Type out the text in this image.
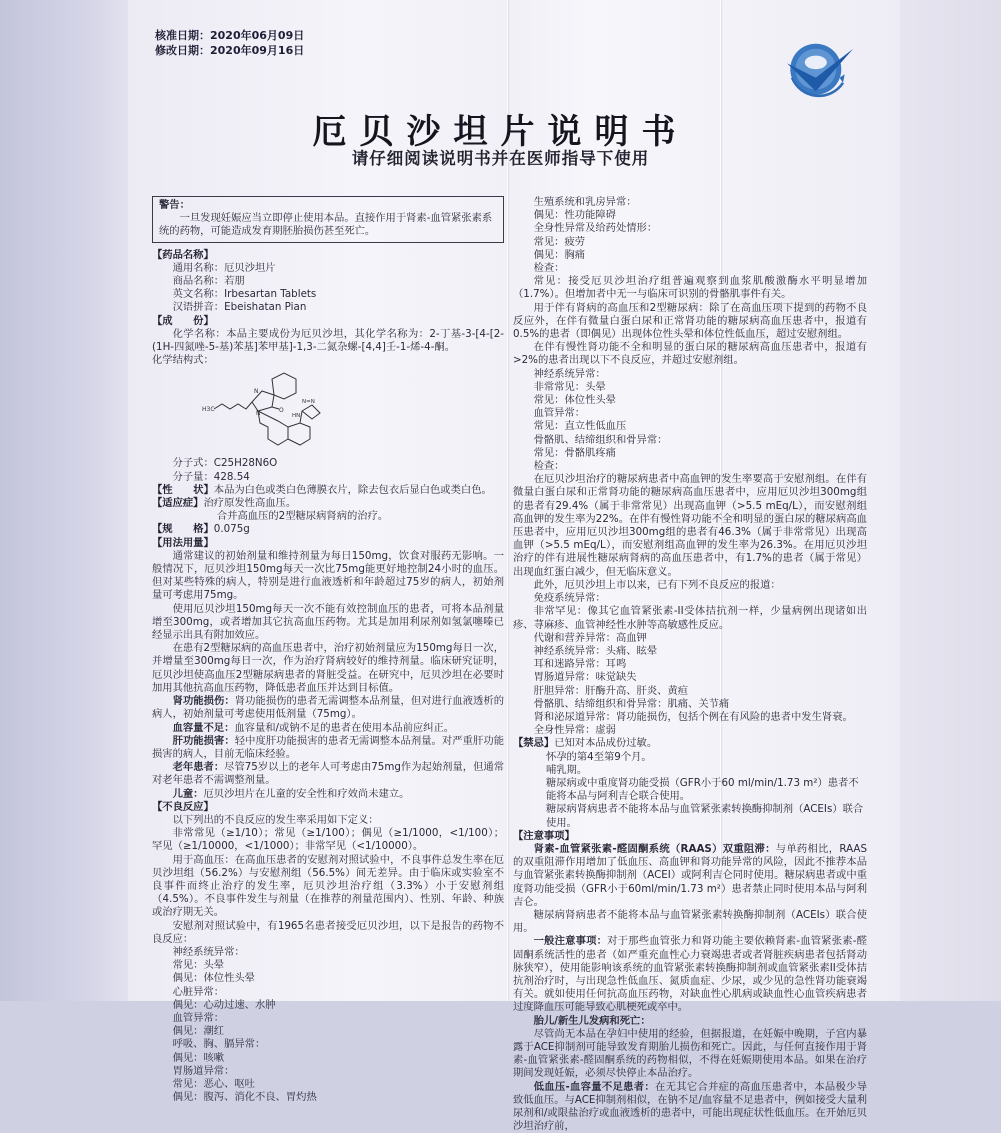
核准日期：2020年06月09日
修改日期：2020年09月16日
厄贝沙坦片说明书
请仔细阅读说明书并在医师指导下使用
警告：
一旦发现妊娠应当立即停止使用本品。直接作用于肾素-血管紧张素系统的药物，可能造成发育期胚胎损伤甚至死亡。
【药品名称】
通用名称：厄贝沙坦片
商品名称：若朋
英文名称：Irbesartan Tablets
汉语拼音：Ebeishatan Pian
【成　　份】
化学名称：本品主要成份为厄贝沙坦，其化学名称为：2-丁基-3-[4-[2-(1H-四氮唑-5-基)苯基]苯甲基]-1,3-二氮杂螺-[4,4]壬-1-烯-4-酮。
化学结构式：
H3C
N
N	O
N=N
HN
分子式：C25H28N6O
分子量：428.54
【性　　状】本品为白色或类白色薄膜衣片，除去包衣后显白色或类白色。
【适应症】治疗原发性高血压。
合并高血压的2型糖尿病肾病的治疗。
【规　　格】0.075g
【用法用量】
通常建议的初始剂量和维持剂量为每日150mg，饮食对服药无影响。一般情况下，厄贝沙坦150mg每天一次比75mg能更好地控制24小时的血压。但对某些特殊的病人，特别是进行血液透析和年龄超过75岁的病人，初始剂量可考虑用75mg。
使用厄贝沙坦150mg每天一次不能有效控制血压的患者，可将本品剂量增至300mg，或者增加其它抗高血压药物。尤其是加用利尿剂如氢氯噻嗪已经显示出具有附加效应。
在患有2型糖尿病的高血压患者中，治疗初始剂量应为150mg每日一次，并增量至300mg每日一次，作为治疗肾病较好的维持剂量。临床研究证明，厄贝沙坦使高血压2型糖尿病患者的肾脏受益。在研究中，厄贝沙坦在必要时加用其他抗高血压药物，降低患者血压并达到目标值。
肾功能损伤：肾功能损伤的患者无需调整本品剂量，但对进行血液透析的病人，初始剂量可考虑使用低剂量（75mg）。
血容量不足：血容量和/或钠不足的患者在使用本品前应纠正。
肝功能损害：轻中度肝功能损害的患者无需调整本品剂量。对严重肝功能损害的病人，目前无临床经验。
老年患者：尽管75岁以上的老年人可考虑由75mg作为起始剂量，但通常对老年患者不需调整剂量。
儿童：厄贝沙坦片在儿童的安全性和疗效尚未建立。
【不良反应】
以下列出的不良反应的发生率采用如下定义：
非常常见（≥1/10）；常见（≥1/100）；偶见（≥1/1000，<1/100）；罕见（≥1/10000，<1/1000）；非常罕见（<1/10000）。
用于高血压：在高血压患者的安慰剂对照试验中，不良事件总发生率在厄贝沙坦组（56.2%）与安慰剂组（56.5%）间无差异。由于临床或实验室不良事件而终止治疗的发生率，厄贝沙坦治疗组（3.3%）小于安慰剂组（4.5%）。不良事件发生与剂量（在推荐的剂量范围内）、性别、年龄、种族或治疗期无关。
安慰剂对照试验中，有1965名患者接受厄贝沙坦，以下是报告的药物不良反应：
神经系统异常：
常见：头晕
偶见：体位性头晕
心脏异常：
偶见：心动过速、水肿
血管异常：
偶见：潮红
呼吸、胸、膈异常：
偶见：咳嗽
胃肠道异常：
常见：恶心、呕吐
偶见：腹泻、消化不良、胃灼热
生殖系统和乳房异常：
偶见：性功能障碍
全身性异常及给药处情形：
常见：疲劳
偶见：胸痛
检查：
常见：接受厄贝沙坦治疗组普遍观察到血浆肌酸激酶水平明显增加（1.7%）。但增加者中无一与临床可识别的骨骼肌事件有关。
用于伴有肾病的高血压和2型糖尿病：除了在高血压项下提到的药物不良反应外，在伴有微量白蛋白尿和正常肾功能的糖尿病高血压患者中，报道有0.5%的患者（即偶见）出现体位性头晕和体位性低血压，超过安慰剂组。
在伴有慢性肾功能不全和明显的蛋白尿的糖尿病高血压患者中，报道有>2%的患者出现以下不良反应，并超过安慰剂组。
神经系统异常：
非常常见：头晕
常见：体位性头晕
血管异常：
常见：直立性低血压
骨骼肌、结缔组织和骨异常：
常见：骨骼肌疼痛
检查：
在厄贝沙坦治疗的糖尿病患者中高血钾的发生率要高于安慰剂组。在伴有微量白蛋白尿和正常肾功能的糖尿病高血压患者中，应用厄贝沙坦300mg组的患者有29.4%（属于非常常见）出现高血钾（>5.5 mEq/L），而安慰剂组高血钾的发生率为22%。在伴有慢性肾功能不全和明显的蛋白尿的糖尿病高血压患者中，应用厄贝沙坦300mg组的患者有46.3%（属于非常常见）出现高血钾（>5.5 mEq/L），而安慰剂组高血钾的发生率为26.3%。在用厄贝沙坦治疗的伴有进展性糖尿病肾病的高血压患者中，有1.7%的患者（属于常见）出现血红蛋白减少，但无临床意义。
此外，厄贝沙坦上市以来，已有下列不良反应的报道：
免疫系统异常：
非常罕见：像其它血管紧张素-II受体拮抗剂一样，少量病例出现诸如出疹、荨麻疹、血管神经性水肿等高敏感性反应。
代谢和营养异常：高血钾
神经系统异常：头痛、眩晕
耳和迷路异常：耳鸣
胃肠道异常：味觉缺失
肝胆异常：肝酶升高、肝炎、黄疸
骨骼肌、结缔组织和骨异常：肌痛、关节痛
肾和泌尿道异常：肾功能损伤，包括个例在有风险的患者中发生肾衰。
全身性异常：虚弱
【禁忌】已知对本品成份过敏。
怀孕的第4至第9个月。
哺乳期。
糖尿病或中重度肾功能受损（GFR小于60 ml/min/1.73 m²）患者不能将本品与阿利吉仑联合使用。
糖尿病肾病患者不能将本品与血管紧张素转换酶抑制剂（ACEIs）联合使用。
【注意事项】
肾素-血管紧张素-醛固酮系统（RAAS）双重阻滞：与单药相比，RAAS的双重阻滞作用增加了低血压、高血钾和肾功能异常的风险，因此不推荐本品与血管紧张素转换酶抑制剂（ACEI）或阿利吉仑同时使用。糖尿病患者或中重度肾功能受损（GFR小于60ml/min/1.73 m²）患者禁止同时使用本品与阿利吉仑。
糖尿病肾病患者不能将本品与血管紧张素转换酶抑制剂（ACEIs）联合使用。
一般注意事项：对于那些血管张力和肾功能主要依赖肾素-血管紧张素-醛固酮系统活性的患者（如严重充血性心力衰竭患者或者肾脏疾病患者包括肾动脉狭窄），使用能影响该系统的血管紧张素转换酶抑制剂或血管紧张素II受体拮抗剂治疗时，与出现急性低血压、氮质血症、少尿，或少见的急性肾功能衰竭有关。就如使用任何抗高血压药物，对缺血性心肌病或缺血性心血管疾病患者过度降血压可能导致心肌梗死或卒中。
胎儿/新生儿发病和死亡：
尽管尚无本品在孕妇中使用的经验，但据报道，在妊娠中晚期，子宫内暴露于ACE抑制剂可能导致发育期胎儿损伤和死亡。因此，与任何直接作用于肾素-血管紧张素-醛固酮系统的药物相似，不得在妊娠期使用本品。如果在治疗期间发现妊娠，必须尽快停止本品治疗。
低血压-血容量不足患者：在无其它合并症的高血压患者中，本品极少导致低血压。与ACE抑制剂相似，在钠不足/血容量不足患者中，例如接受大量利尿剂和/或限盐治疗或血液透析的患者中，可能出现症状性低血压。在开始厄贝沙坦治疗前，
